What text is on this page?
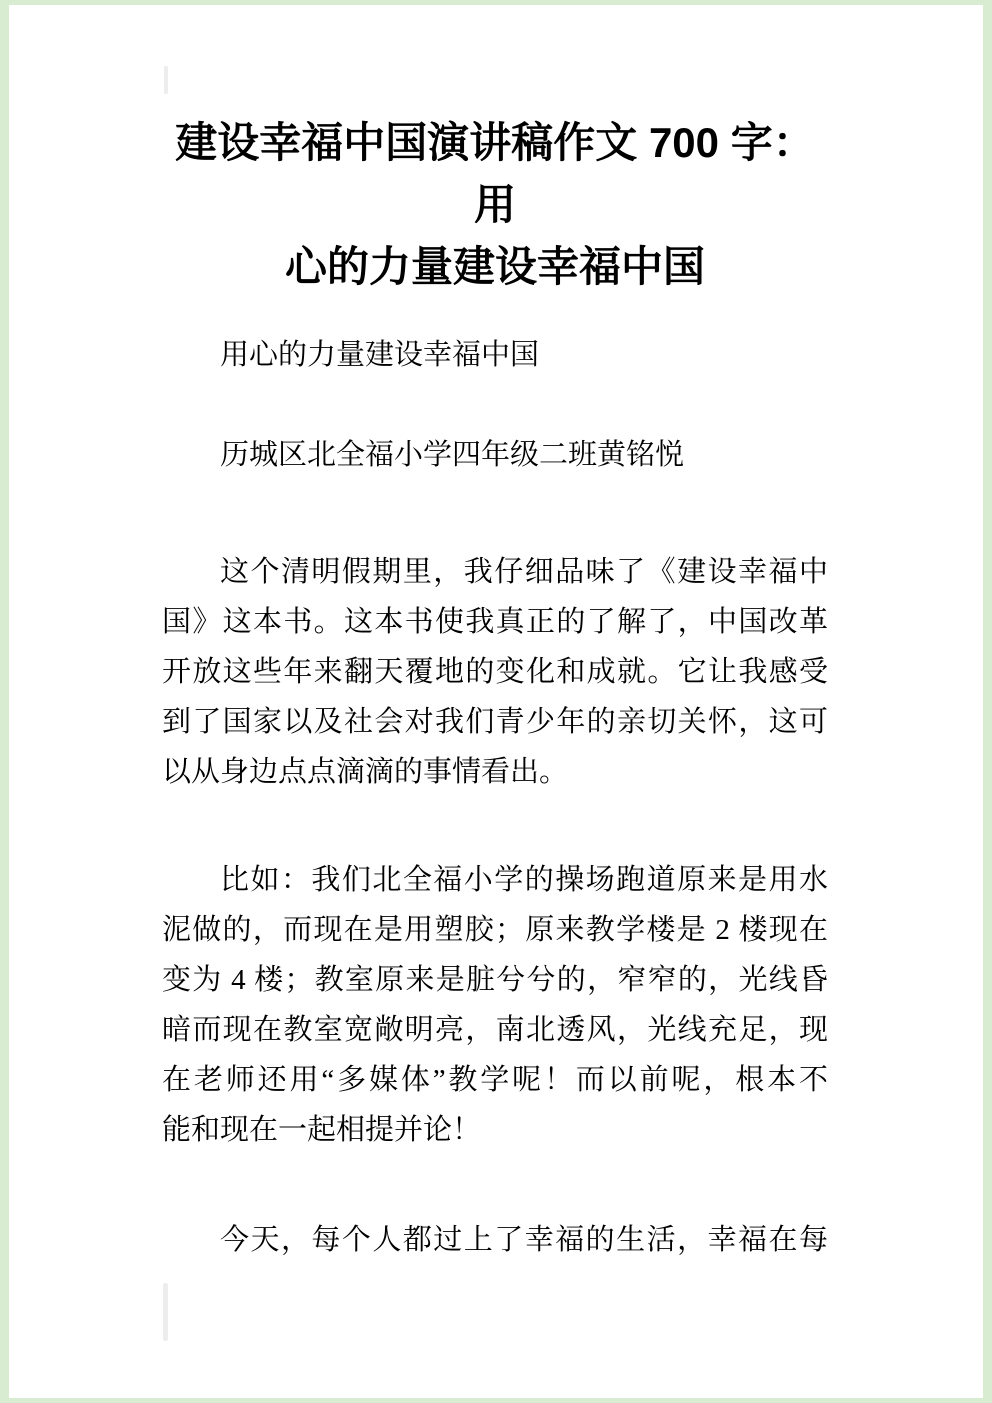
建设幸福中国演讲稿作文 700 字：用
心的力量建设幸福中国
用心的力量建设幸福中国
历城区北全福小学四年级二班黄铭悦
这个清明假期里，我仔细品味了《建设幸福中
国》这本书。这本书使我真正的了解了，中国改革
开放这些年来翻天覆地的变化和成就。它让我感受
到了国家以及社会对我们青少年的亲切关怀，这可
以从身边点点滴滴的事情看出。
比如：我们北全福小学的操场跑道原来是用水
泥做的，而现在是用塑胶；原来教学楼是 2 楼现在
变为 4 楼；教室原来是脏兮兮的，窄窄的，光线昏
暗而现在教室宽敞明亮，南北透风，光线充足，现
在老师还用“多媒体”教学呢！而以前呢，根本不
能和现在一起相提并论！
今天，每个人都过上了幸福的生活，幸福在每
